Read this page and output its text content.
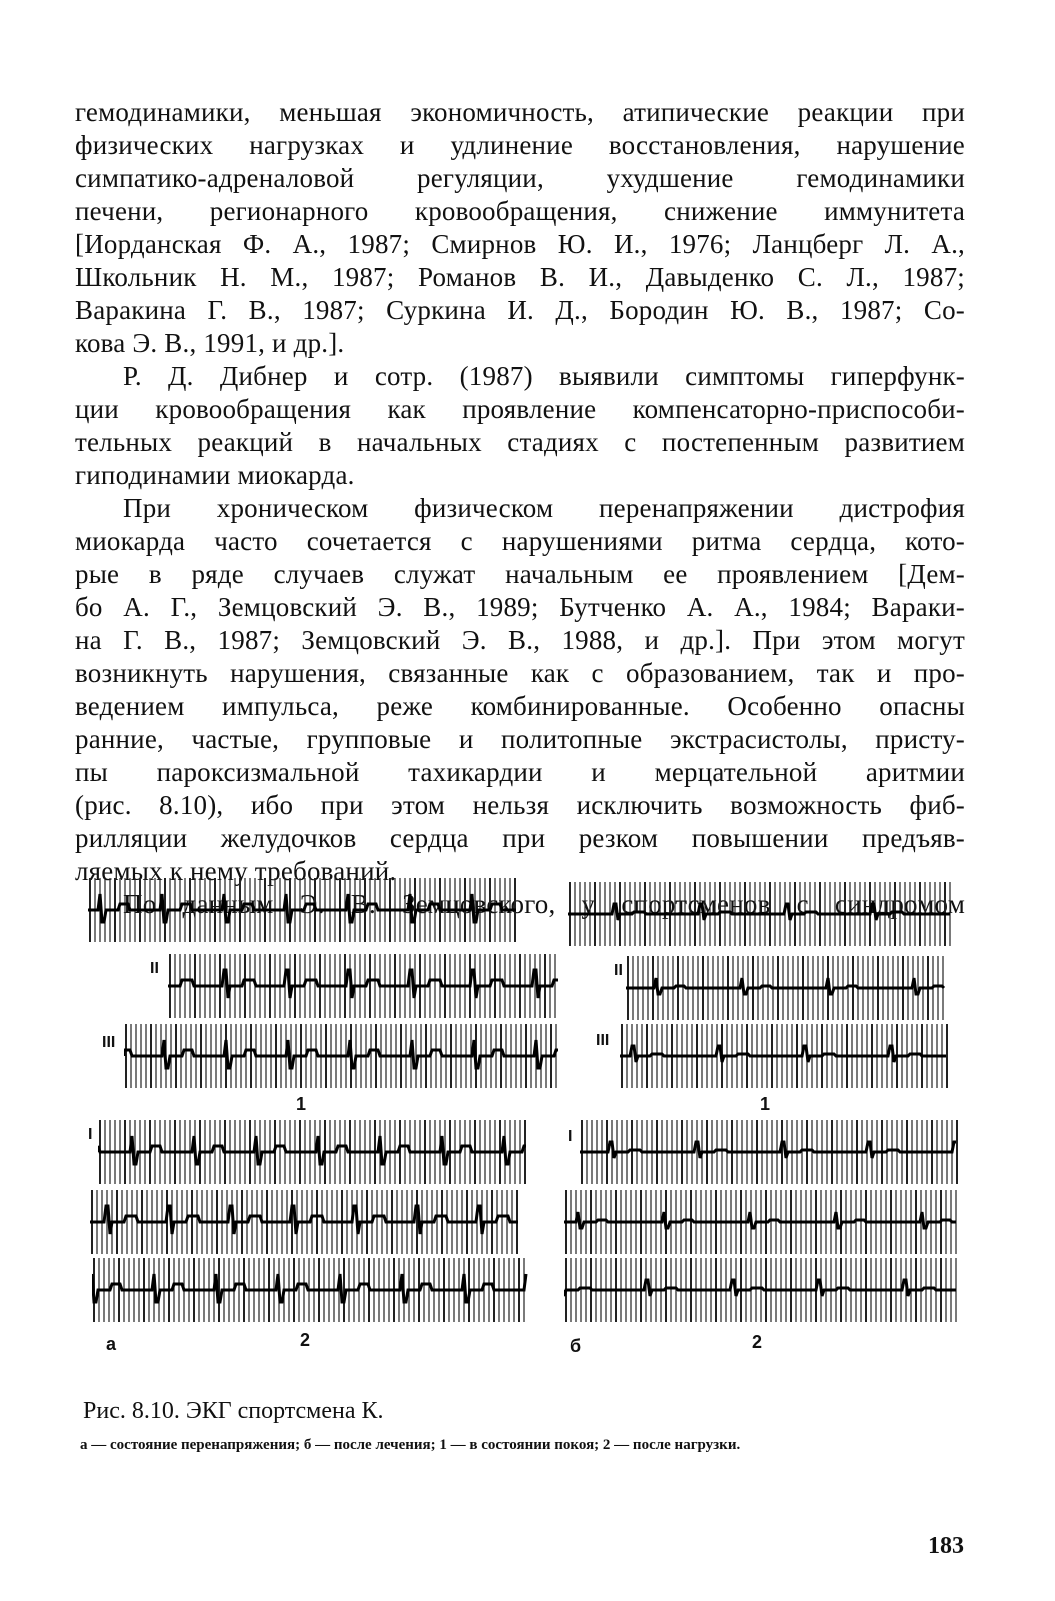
гемодинамики, меньшая экономичность, атипические реакции при
физических нагрузках и удлинение восстановления, нарушение
симпатико-адреналовой регуляции, ухудшение гемодинамики
печени, регионарного кровообращения, снижение иммунитета
[Иорданская Ф. А., 1987; Смирнов Ю. И., 1976; Ланцберг Л. А.,
Школьник Н. М., 1987; Романов В. И., Давыденко С. Л., 1987;
Варакина Г. В., 1987; Суркина И. Д., Бородин Ю. В., 1987; Со-
кова Э. В., 1991, и др.].
Р. Д. Дибнер и сотр. (1987) выявили симптомы гиперфунк-
ции кровообращения как проявление компенсаторно-приспособи-
тельных реакций в начальных стадиях с постепенным развитием
гиподинамии миокарда.
При хроническом физическом перенапряжении дистрофия
миокарда часто сочетается с нарушениями ритма сердца, кото-
рые в ряде случаев служат начальным ее проявлением [Дем-
бо А. Г., Земцовский Э. В., 1989; Бутченко А. А., 1984; Вараки-
на Г. В., 1987; Земцовский Э. В., 1988, и др.]. При этом могут
возникнуть нарушения, связанные как с образованием, так и про-
ведением импульса, реже комбинированные. Особенно опасны
ранние, частые, групповые и политопные экстрасистолы, присту-
пы пароксизмальной тахикардии и мерцательной аритмии
(рис. 8.10), ибо при этом нельзя исключить возможность фиб-
рилляции желудочков сердца при резком повышении предъяв-
ляемых к нему требований.
По данным Э. В. Земцовского, у спортсменов с синдромом
II
III
1
II
III
1
I
а	2
I
б	2
Рис. 8.10. ЭКГ спортсмена К.
а — состояние перенапряжения; б — после лечения; 1 — в состоянии покоя; 2 — после нагрузки.
183
